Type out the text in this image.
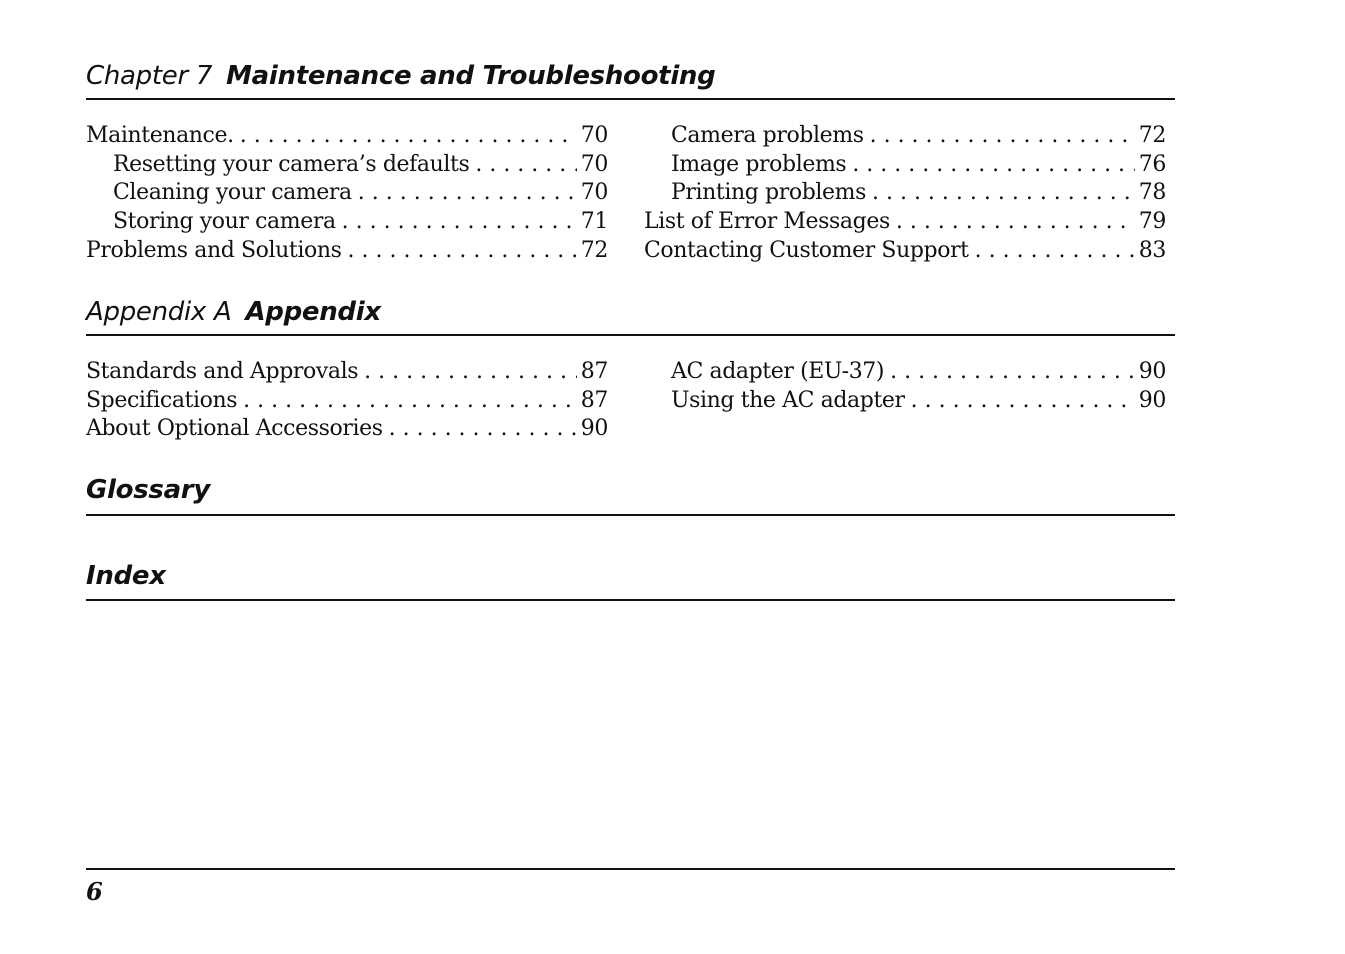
Chapter 7 Maintenance and Troubleshooting
Maintenance. . . .	70
Resetting your camera’s defaults . . .	70
Cleaning your camera . . .	70
Storing your camera . . .	71
Problems and Solutions . . .	72
Camera problems . . .	72
Image problems . . .	76
Printing problems . . .	78
List of Error Messages . . .	79
Contacting Customer Support . . .	83
Appendix A Appendix
Standards and Approvals . . .	87
Specifications . . .	87
About Optional Accessories . . .	90
AC adapter (EU-37) . . .	90
Using the AC adapter . . .	90
Glossary
Index
6
